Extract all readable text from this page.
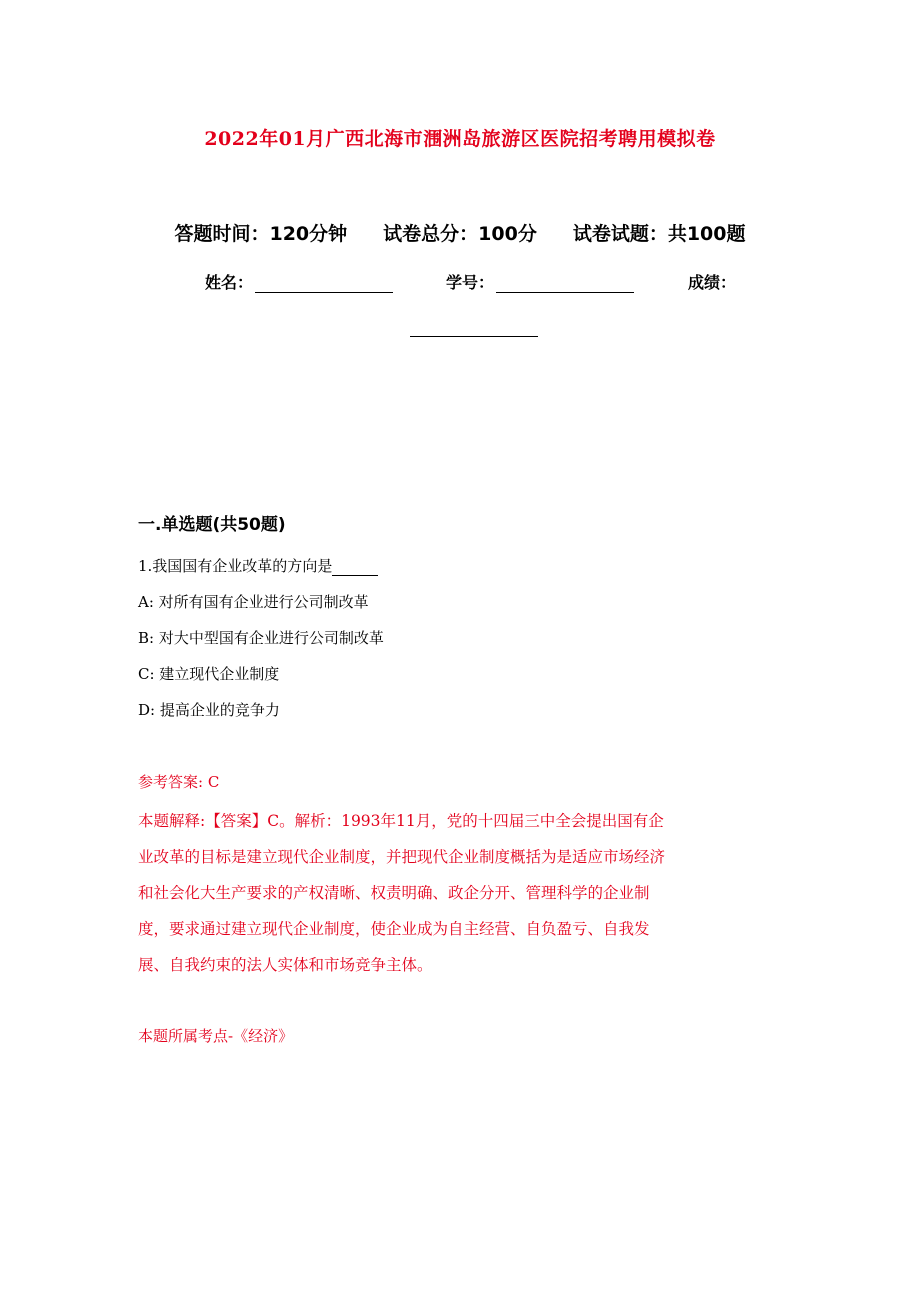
2022年01月广西北海市涠洲岛旅游区医院招考聘用模拟卷
答题时间：120分钟 试卷总分：100分 试卷试题：共100题
姓名：	学号：	成绩：
一.单选题(共50题)
1.我国国有企业改革的方向是
A: 对所有国有企业进行公司制改革
B: 对大中型国有企业进行公司制改革
C: 建立现代企业制度
D: 提高企业的竞争力
参考答案: C
本题解释:【答案】C。解析：1993年11月，党的十四届三中全会提出国有企
业改革的目标是建立现代企业制度，并把现代企业制度概括为是适应市场经济
和社会化大生产要求的产权清晰、权责明确、政企分开、管理科学的企业制
度，要求通过建立现代企业制度，使企业成为自主经营、自负盈亏、自我发
展、自我约束的法人实体和市场竞争主体。
本题所属考点-《经济》
